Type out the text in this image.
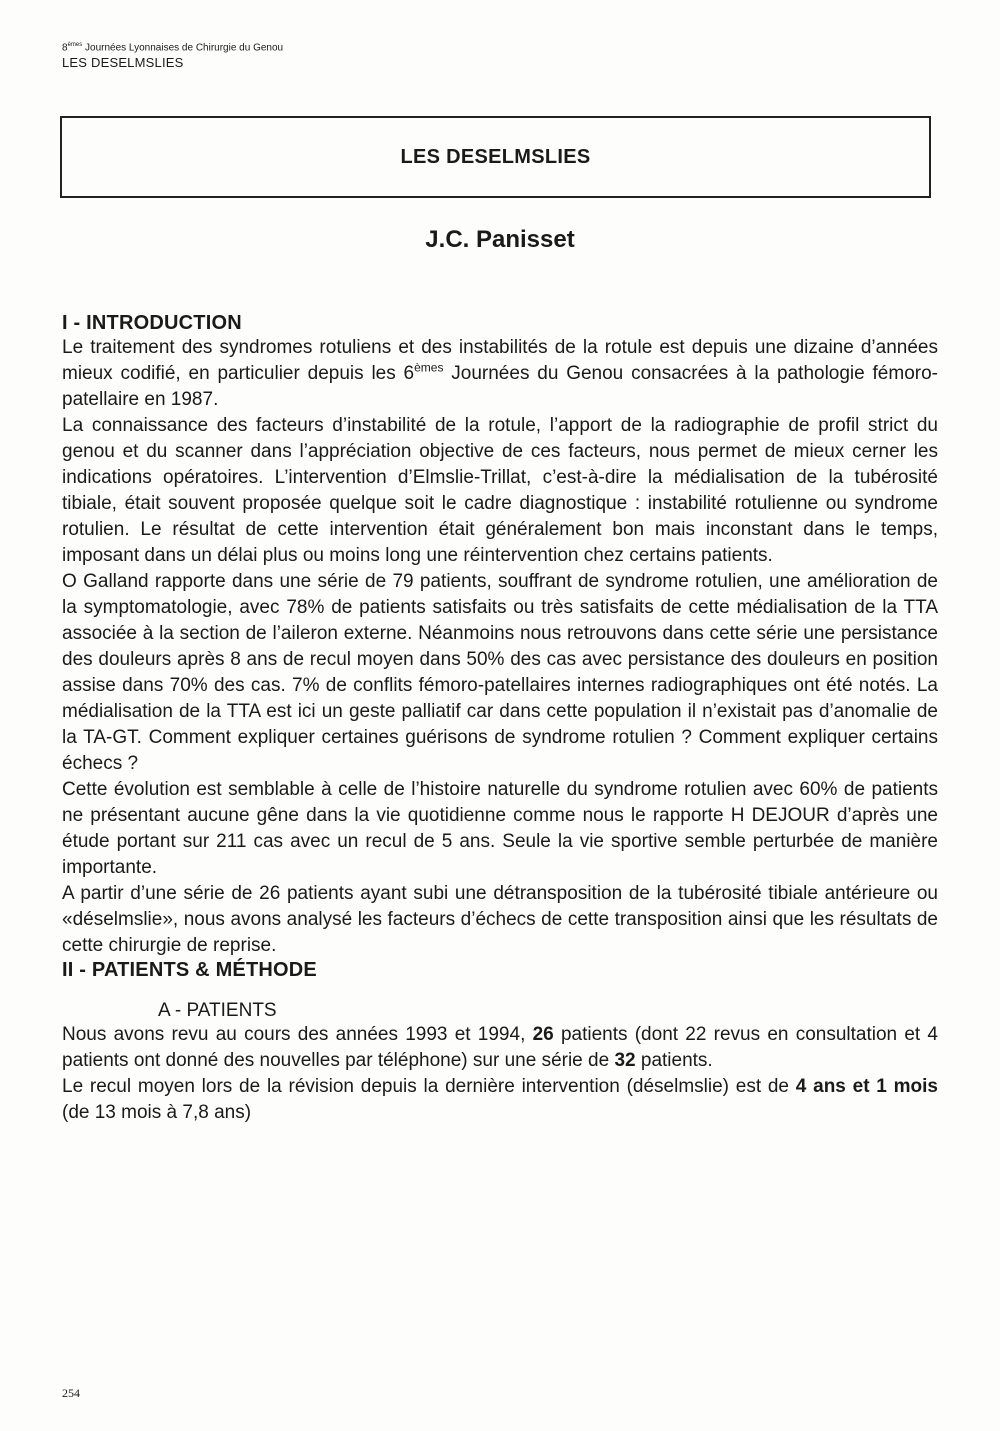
8èmes Journées Lyonnaises de Chirurgie du Genou
LES DESELMSLIES
LES DESELMSLIES
J.C. Panisset
I - INTRODUCTION

Le traitement des syndromes rotuliens et des instabilités de la rotule est depuis une dizaine d’années mieux codifié, en particulier depuis les 6èmes Journées du Genou consacrées à la pathologie fémoro-patellaire en 1987.

La connaissance des facteurs d’instabilité de la rotule, l’apport de la radiographie de profil strict du genou et du scanner dans l’appréciation objective de ces facteurs, nous permet de mieux cerner les indications opératoires. L’intervention d’Elmslie-Trillat, c’est-à-dire la médialisation de la tubérosité tibiale, était souvent proposée quelque soit le cadre diagnostique : instabilité rotulienne ou syndrome rotulien. Le résultat de cette intervention était généralement bon mais inconstant dans le temps, imposant dans un délai plus ou moins long une réintervention chez certains patients.

O Galland rapporte dans une série de 79 patients, souffrant de syndrome rotulien, une amélioration de la symptomatologie, avec 78% de patients satisfaits ou très satisfaits de cette médialisation de la TTA associée à la section de l’aileron externe. Néanmoins nous retrouvons dans cette série une persistance des douleurs après 8 ans de recul moyen dans 50% des cas avec persistance des douleurs en position assise dans 70% des cas. 7% de conflits fémoro-patellaires internes radiographiques ont été notés. La médialisation de la TTA est ici un geste palliatif car dans cette population il n’existait pas d’anomalie de la TA-GT. Comment expliquer certaines guérisons de syndrome rotulien ? Comment expliquer certains échecs ?

Cette évolution est semblable à celle de l’histoire naturelle du syndrome rotulien avec 60% de patients ne présentant aucune gêne dans la vie quotidienne comme nous le rapporte H DEJOUR d’après une étude portant sur 211 cas avec un recul de 5 ans. Seule la vie sportive semble perturbée de manière importante.

A partir d’une série de 26 patients ayant subi une détransposition de la tubérosité tibiale antérieure ou «déselmslie», nous avons analysé les facteurs d’échecs de cette transposition ainsi que les résultats de cette chirurgie de reprise.

II - PATIENTS & MÉTHODE

A - PATIENTS

Nous avons revu au cours des années 1993 et 1994, 26 patients (dont 22 revus en consultation et 4 patients ont donné des nouvelles par téléphone) sur une série de 32 patients.

Le recul moyen lors de la révision depuis la dernière intervention (déselmslie) est de 4 ans et 1 mois (de 13 mois à 7,8 ans)

254
